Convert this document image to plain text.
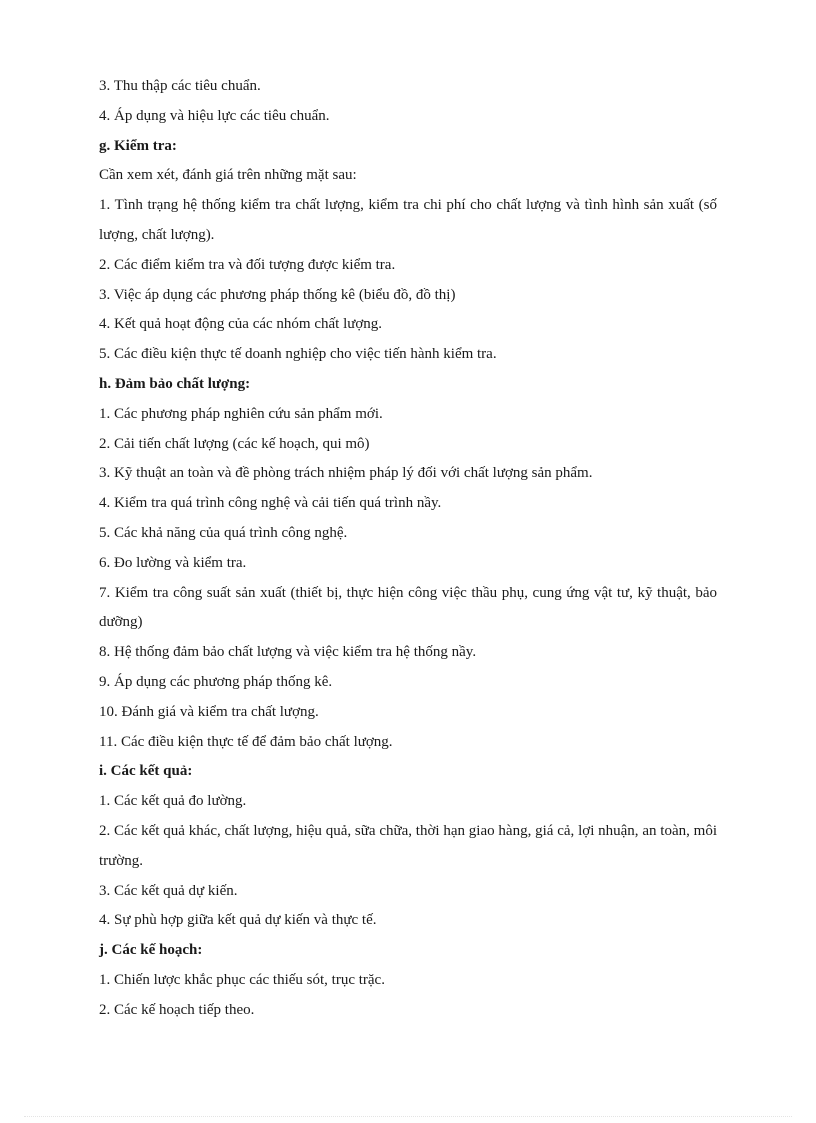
3. Thu thập các tiêu chuẩn.
4. Áp dụng và hiệu lực các tiêu chuẩn.
g. Kiểm tra:
Cần xem xét, đánh giá trên những mặt sau:
1. Tình trạng hệ thống kiểm tra chất lượng, kiểm tra chi phí cho chất lượng và tình hình sản xuất (số lượng, chất lượng).
2. Các điểm kiểm tra và đối tượng được kiểm tra.
3. Việc áp dụng các phương pháp thống kê (biểu đồ, đồ thị)
4. Kết quả hoạt động của các nhóm chất lượng.
5. Các điều kiện thực tế doanh nghiệp cho việc tiến hành kiểm tra.
h. Đảm bảo chất lượng:
1. Các phương pháp nghiên cứu sản phẩm mới.
2. Cải tiến chất lượng (các kế hoạch, qui mô)
3. Kỹ thuật an toàn và đề phòng trách nhiệm pháp lý đối với chất lượng sản phẩm.
4. Kiểm tra quá trình công nghệ và cải tiến quá trình nầy.
5. Các khả năng của quá trình công nghệ.
6. Đo lường và kiểm tra.
7. Kiểm tra công suất sản xuất (thiết bị, thực hiện công việc thầu phụ, cung ứng vật tư, kỹ thuật, bảo dưỡng)
8. Hệ thống đảm bảo chất lượng và việc kiểm tra hệ thống nầy.
9. Áp dụng các phương pháp thống kê.
10. Đánh giá và kiểm tra chất lượng.
11. Các điều kiện thực tế để đảm bảo chất lượng.
i. Các kết quả:
1. Các kết quả đo lường.
2. Các kết quả khác, chất lượng, hiệu quả, sữa chữa, thời hạn giao hàng, giá cả, lợi nhuận, an toàn, môi trường.
3. Các kết quả dự kiến.
4. Sự phù hợp giữa kết quả dự kiến và thực tế.
j. Các kế hoạch:
1. Chiến lược khắc phục các thiếu sót, trục trặc.
2. Các kế hoạch tiếp theo.
